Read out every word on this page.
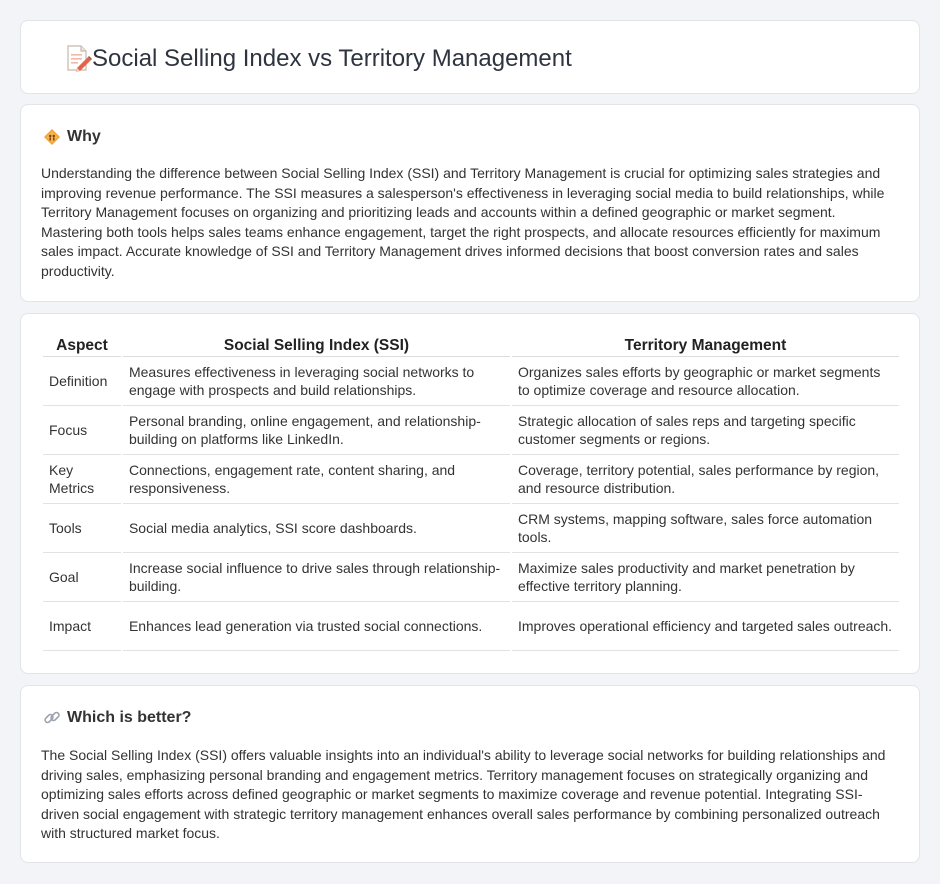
Social Selling Index vs Territory Management
Why

Understanding the difference between Social Selling Index (SSI) and Territory Management is crucial for optimizing sales strategies and improving revenue performance. The SSI measures a salesperson's effectiveness in leveraging social media to build relationships, while Territory Management focuses on organizing and prioritizing leads and accounts within a defined geographic or market segment. Mastering both tools helps sales teams enhance engagement, target the right prospects, and allocate resources efficiently for maximum sales impact. Accurate knowledge of SSI and Territory Management drives informed decisions that boost conversion rates and sales productivity.

Aspect	Social Selling Index (SSI)	Territory Management
Definition	Measures effectiveness in leveraging social networks to engage with prospects and build relationships.	Organizes sales efforts by geographic or market segments to optimize coverage and resource allocation.
Focus	Personal branding, online engagement, and relationship-building on platforms like LinkedIn.	Strategic allocation of sales reps and targeting specific customer segments or regions.
Key Metrics	Connections, engagement rate, content sharing, and responsiveness.	Coverage, territory potential, sales performance by region, and resource distribution.
Tools	Social media analytics, SSI score dashboards.	CRM systems, mapping software, sales force automation tools.
Goal	Increase social influence to drive sales through relationship-building.	Maximize sales productivity and market penetration by effective territory planning.
Impact	Enhances lead generation via trusted social connections.	Improves operational efficiency and targeted sales outreach.
Which is better?

The Social Selling Index (SSI) offers valuable insights into an individual's ability to leverage social networks for building relationships and driving sales, emphasizing personal branding and engagement metrics. Territory management focuses on strategically organizing and optimizing sales efforts across defined geographic or market segments to maximize coverage and revenue potential. Integrating SSI-driven social engagement with strategic territory management enhances overall sales performance by combining personalized outreach with structured market focus.
